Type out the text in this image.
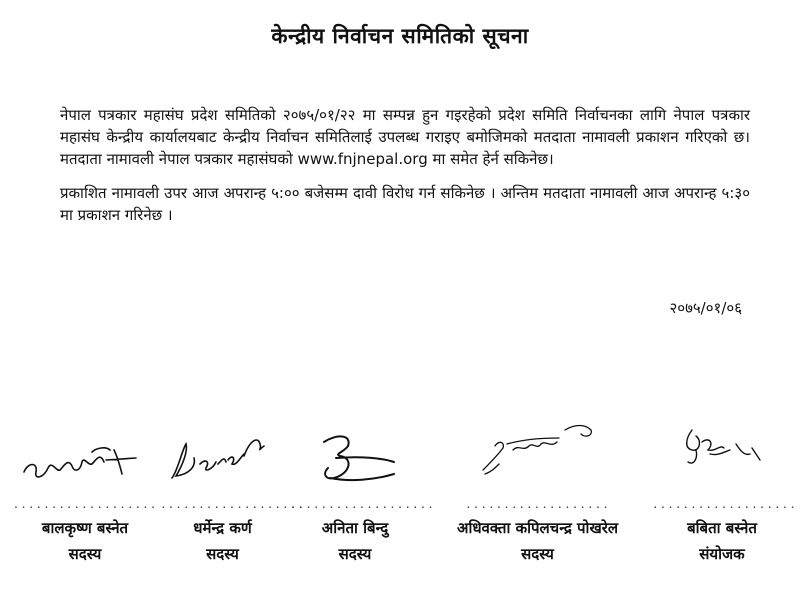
केन्द्रीय निर्वाचन समितिको सूचना

नेपाल पत्रकार महासंघ प्रदेश समितिको २०७५/०१/२२ मा सम्पन्न हुन गइरहेको प्रदेश समिति निर्वाचनका लागि नेपाल पत्रकार महासंघ केन्द्रीय कार्यालयबाट केन्द्रीय निर्वाचन समितिलाई उपलब्ध गराइए बमोजिमको मतदाता नामावली प्रकाशन गरिएको छ। मतदाता नामावली नेपाल पत्रकार महासंघको www.fnjnepal.org मा समेत हेर्न सकिनेछ।

प्रकाशित नामावली उपर आज अपरान्ह ५:०० बजेसम्म दावी विरोध गर्न सकिनेछ । अन्तिम मतदाता नामावली आज अपरान्ह ५:३० मा प्रकाशन गरिनेछ ।

२०७५/०१/०६
...................
बालकृष्ण बस्नेत
सदस्य
...................
धर्मेन्द्र कर्ण
सदस्य
...................
अनिता बिन्दु
सदस्य
...................
अधिवक्ता कपिलचन्द्र पोखरेल
सदस्य
...................
बबिता बस्नेत
संयोजक
